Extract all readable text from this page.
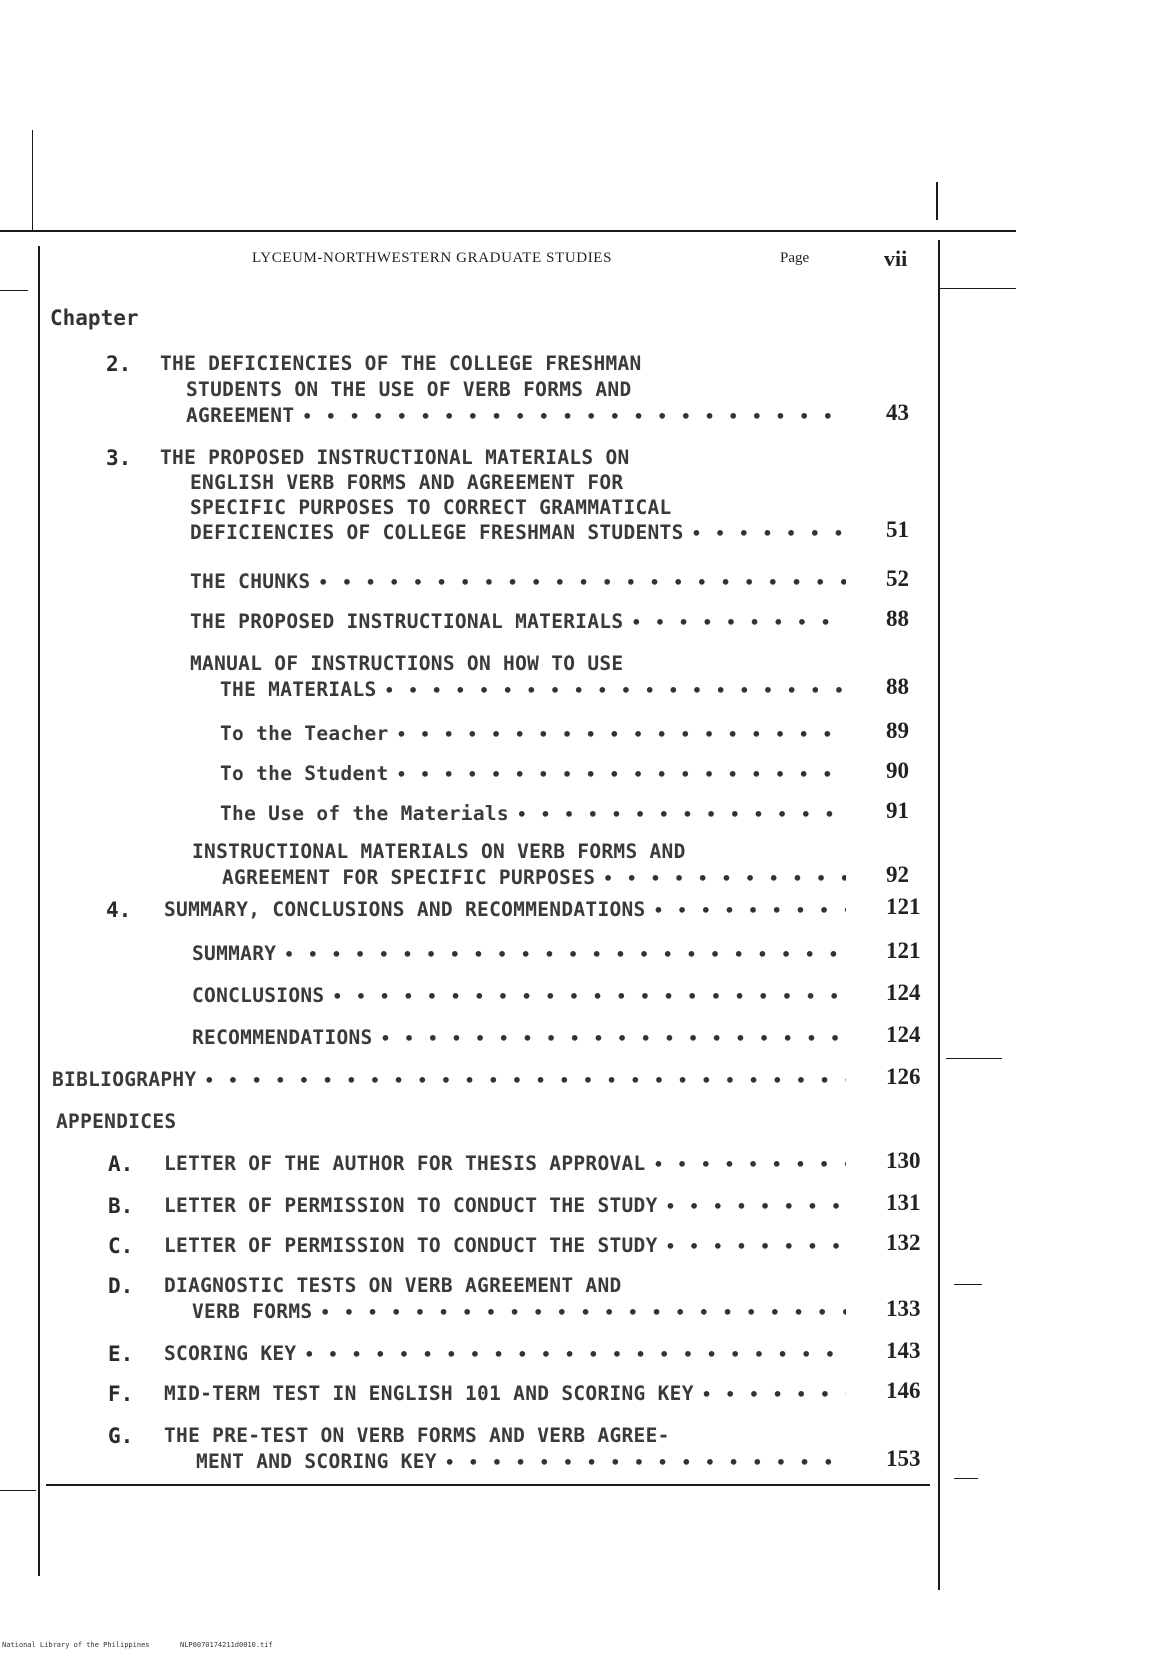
LYCEUM-NORTHWESTERN GRADUATE STUDIES	Page	vii
Chapter
2. THE DEFICIENCIES OF THE COLLEGE FRESHMAN
STUDENTS ON THE USE OF VERB FORMS AND
AGREEMENT • • •	43
3. THE PROPOSED INSTRUCTIONAL MATERIALS ON
ENGLISH VERB FORMS AND AGREEMENT FOR
SPECIFIC PURPOSES TO CORRECT GRAMMATICAL
DEFICIENCIES OF COLLEGE FRESHMAN STUDENTS • • •	51
THE CHUNKS • • •	52
THE PROPOSED INSTRUCTIONAL MATERIALS • • •	88
MANUAL OF INSTRUCTIONS ON HOW TO USE
THE MATERIALS • • •	88
To the Teacher • • •	89
To the Student • • •	90
The Use of the Materials • • •	91
INSTRUCTIONAL MATERIALS ON VERB FORMS AND
AGREEMENT FOR SPECIFIC PURPOSES • • •	92
4. SUMMARY, CONCLUSIONS AND RECOMMENDATIONS • • •	121
SUMMARY • • •	121
CONCLUSIONS • • •	124
RECOMMENDATIONS • • •	124
BIBLIOGRAPHY • • •	126
APPENDICES
A. LETTER OF THE AUTHOR FOR THESIS APPROVAL • • •	130
B. LETTER OF PERMISSION TO CONDUCT THE STUDY • • •	131
C. LETTER OF PERMISSION TO CONDUCT THE STUDY • • •	132
D. DIAGNOSTIC TESTS ON VERB AGREEMENT AND
VERB FORMS • • •	133
E. SCORING KEY • • •	143
F. MID-TERM TEST IN ENGLISH 101 AND SCORING KEY • • •	146
G. THE PRE-TEST ON VERB FORMS AND VERB AGREE-
MENT AND SCORING KEY • • •	153
National Library of the Philippines	NLP0070174211d0010.tif
